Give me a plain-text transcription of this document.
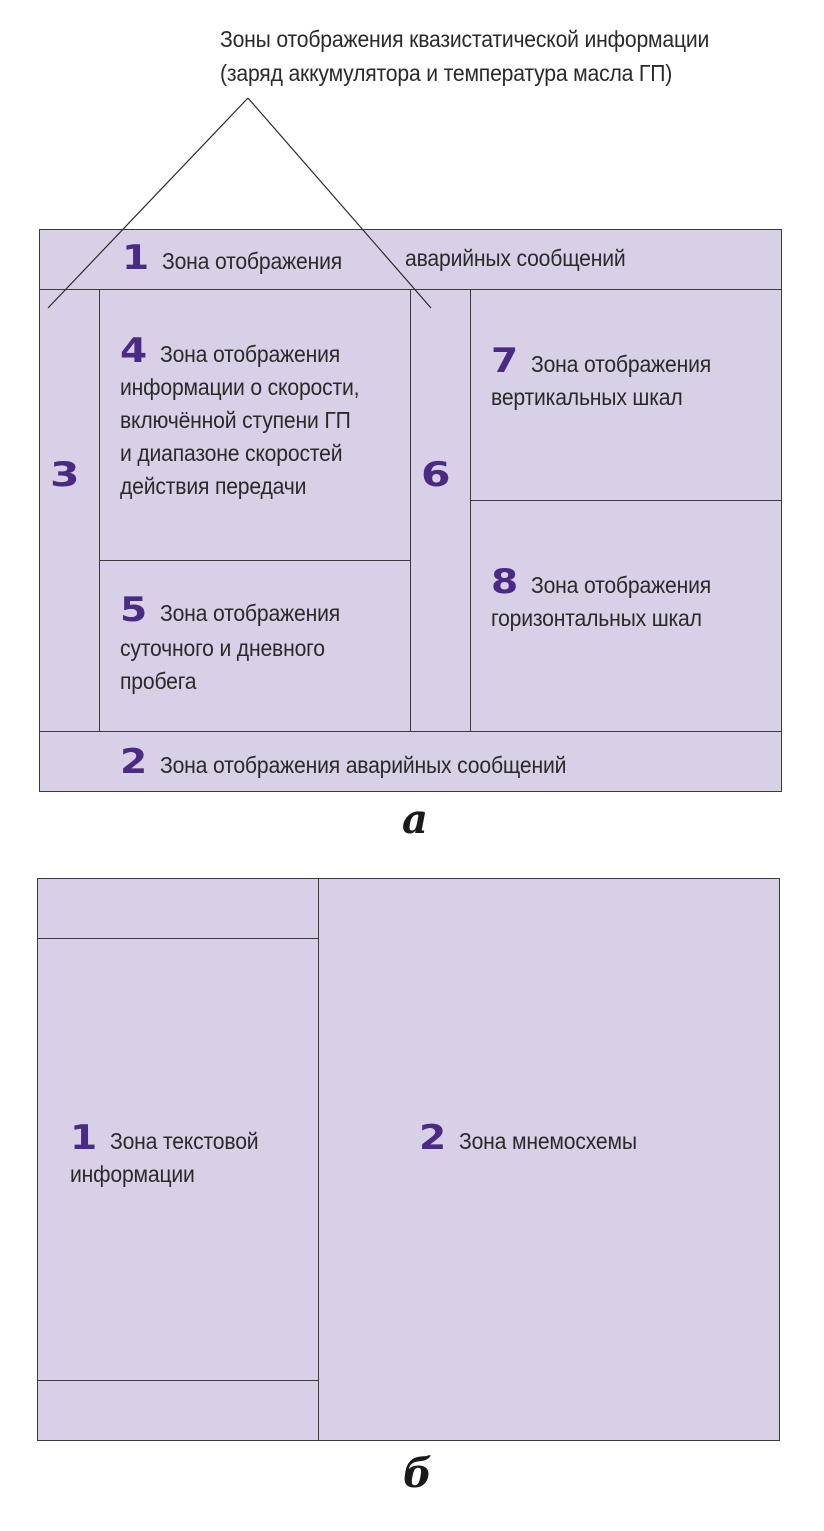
Зоны отображения квазистатической информации
(заряд аккумулятора и температура масла ГП)
1 Зона отображения	аварийных сообщений
3
4 Зона отображения
информации о скорости,
включённой ступени ГП
и диапазоне скоростей
действия передачи
5 Зона отображения
суточного и дневного
пробега
6
7 Зона отображения
вертикальных шкал
8 Зона отображения
горизонтальных шкал
2 Зона отображения аварийных сообщений
а
1 Зона текстовой
информации
2 Зона мнемосхемы
б
